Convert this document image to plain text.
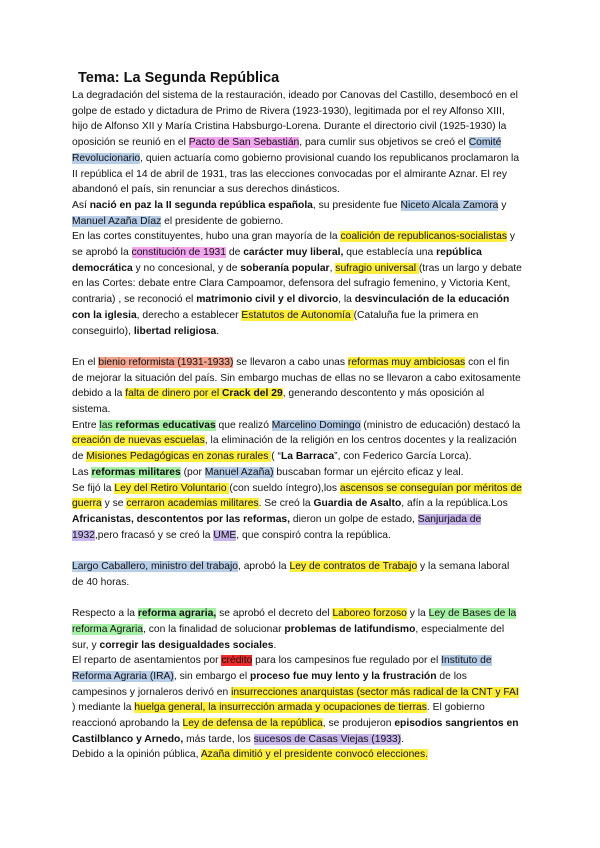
Tema: La Segunda República

La degradación del sistema de la restauración, ideado por Canovas del Castillo, desembocó en el golpe de estado y dictadura de Primo de Rivera (1923-1930), legitimada por el rey Alfonso XIII, hijo de Alfonso XII y María Cristina Habsburgo-Lorena. Durante el directorio civil (1925-1930) la oposición se reunió en el Pacto de San Sebastián, para cumlir sus objetivos se creó el Comité Revolucionario, quien actuaría como gobierno provisional cuando los republicanos proclamaron la II república el 14 de abril de 1931, tras las elecciones convocadas por el almirante Aznar. El rey abandonó el país, sin renunciar a sus derechos dinásticos.

Así nació en paz la II segunda república española, su presidente fue Niceto Alcala Zamora y Manuel Azaña Díaz el presidente de gobierno.

En las cortes constituyentes, hubo una gran mayoría de la coalición de republicanos-socialistas y se aprobó la constitución de 1931 de carácter muy liberal, que establecía una república democrática y no concesional, y de soberanía popular, sufragio universal (tras un largo y debate en las Cortes: debate entre Clara Campoamor, defensora del sufragio femenino, y Victoria Kent, contraria) , se reconoció el matrimonio civil y el divorcio, la desvinculación de la educación con la iglesia, derecho a establecer Estatutos de Autonomía (Cataluña fue la primera en conseguirlo), libertad religiosa.

En el bienio reformista (1931-1933) se llevaron a cabo unas reformas muy ambiciosas con el fin de mejorar la situación del país. Sin embargo muchas de ellas no se llevaron a cabo exitosamente debido a la falta de dinero por el Crack del 29, generando descontento y más oposición al sistema.

Entre las reformas educativas que realizó Marcelino Domingo (ministro de educación) destacó la creación de nuevas escuelas, la eliminación de la religión en los centros docentes y la realización de Misiones Pedagógicas en zonas rurales ( “La Barraca”, con Federico García Lorca).

Las reformas militares (por Manuel Azaña) buscaban formar un ejército eficaz y leal.

Se fijó la Ley del Retiro Voluntario (con sueldo íntegro),los ascensos se conseguían por méritos de guerra y se cerraron academias militares. Se creó la Guardia de Asalto, afín a la república.Los Africanistas, descontentos por las reformas, dieron un golpe de estado, Sanjurjada de 1932,pero fracasó y se creó la UME, que conspiró contra la república.

Largo Caballero, ministro del trabajo, aprobó la Ley de contratos de Trabajo y la semana laboral de 40 horas.

Respecto a la reforma agraria, se aprobó el decreto del Laboreo forzoso y la Ley de Bases de la reforma Agraria, con la finalidad de solucionar problemas de latifundismo, especialmente del sur, y corregir las desigualdades sociales.

El reparto de asentamientos por crédito para los campesinos fue regulado por el Instituto de Reforma Agraria (IRA), sin embargo el proceso fue muy lento y la frustración de los campesinos y jornaleros derivó en insurrecciones anarquistas (sector más radical de la CNT y FAI ) mediante la huelga general, la insurrección armada y ocupaciones de tierras. El gobierno reaccionó aprobando la Ley de defensa de la república, se produjeron episodios sangrientos en Castilblanco y Arnedo, más tarde, los sucesos de Casas Viejas (1933).

Debido a la opinión pública, Azaña dimitió y el presidente convocó elecciones.
